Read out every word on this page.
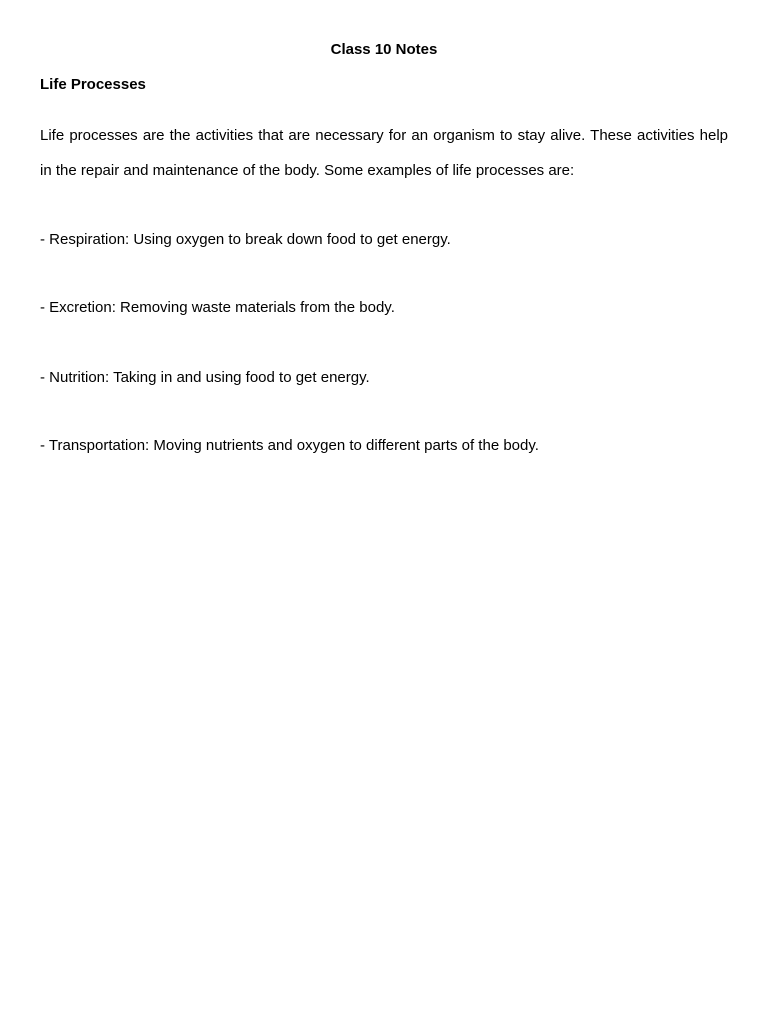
Class 10 Notes
Life Processes

Life processes are the activities that are necessary for an organism to stay alive. These activities help in the repair and maintenance of the body. Some examples of life processes are:

- Respiration: Using oxygen to break down food to get energy.

- Excretion: Removing waste materials from the body.

- Nutrition: Taking in and using food to get energy.

- Transportation: Moving nutrients and oxygen to different parts of the body.
